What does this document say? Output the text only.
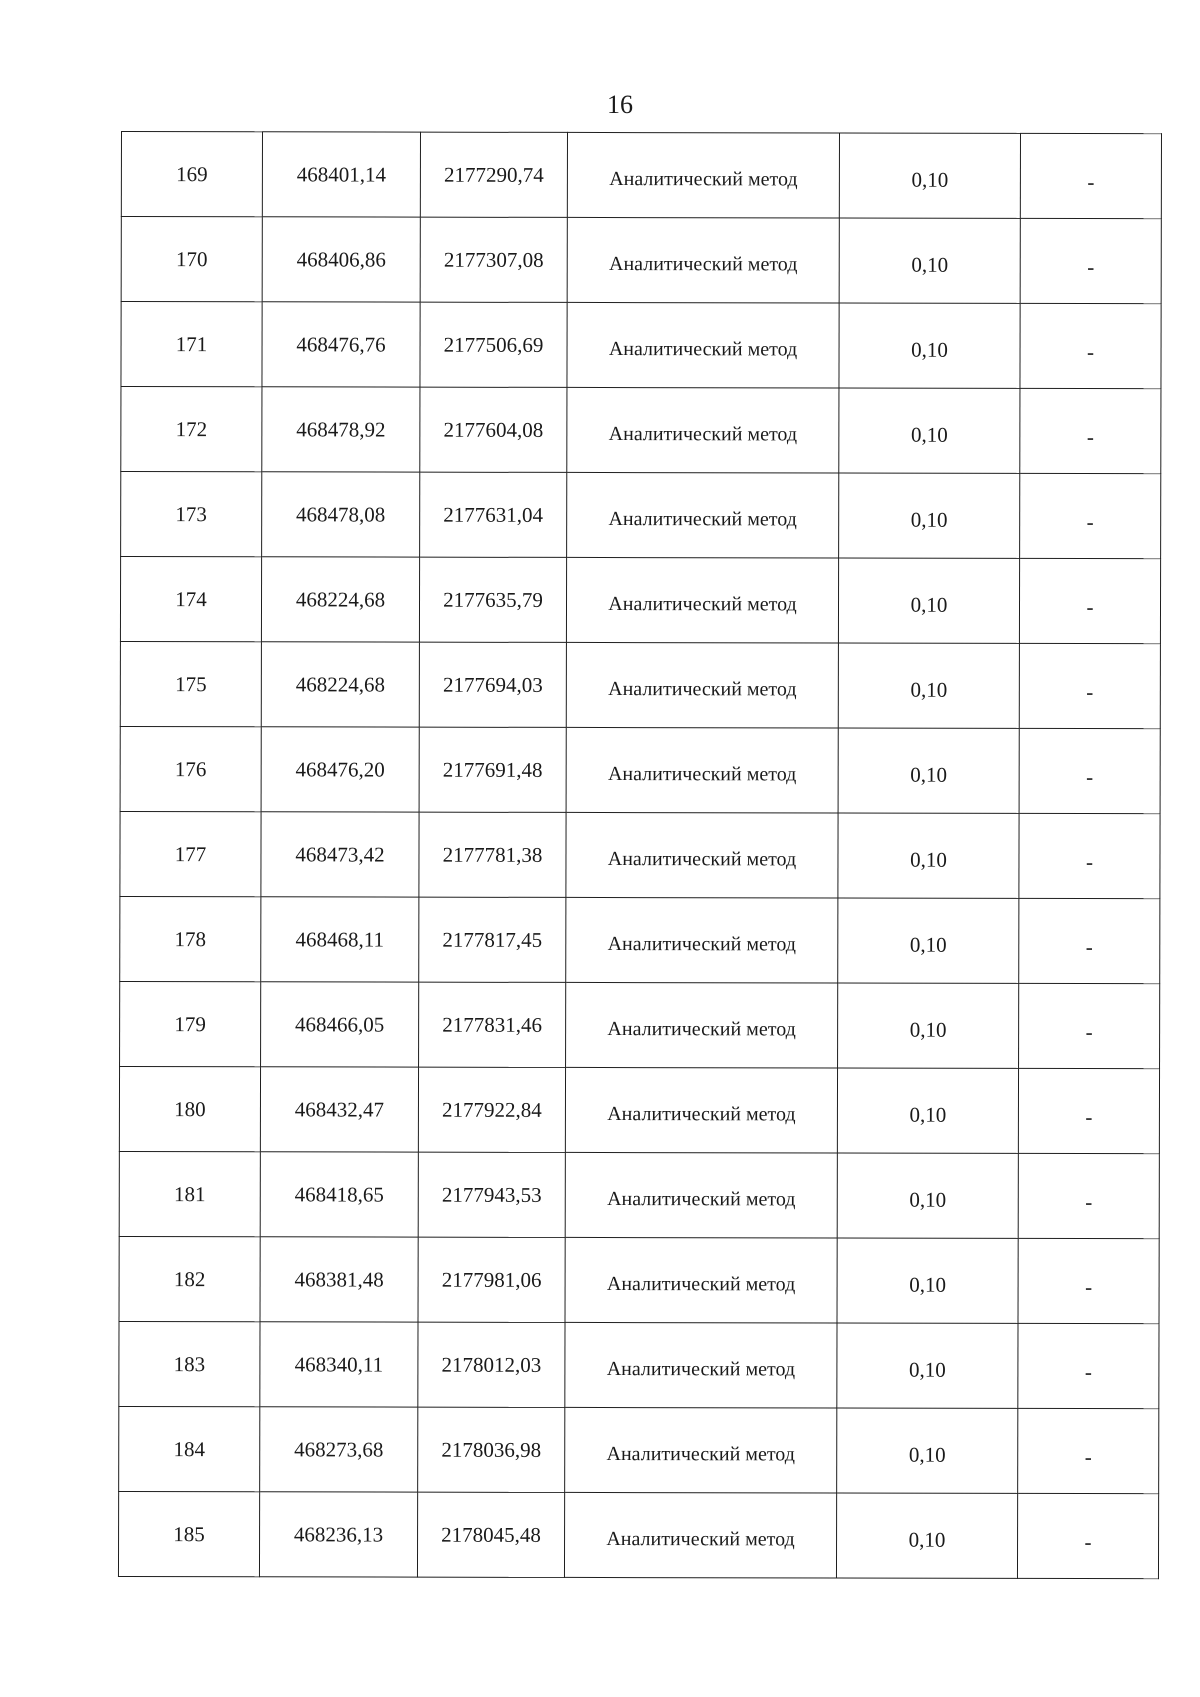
16
169	468401,14	2177290,74	Аналитический метод	0,10	-
170	468406,86	2177307,08	Аналитический метод	0,10	-
171	468476,76	2177506,69	Аналитический метод	0,10	-
172	468478,92	2177604,08	Аналитический метод	0,10	-
173	468478,08	2177631,04	Аналитический метод	0,10	-
174	468224,68	2177635,79	Аналитический метод	0,10	-
175	468224,68	2177694,03	Аналитический метод	0,10	-
176	468476,20	2177691,48	Аналитический метод	0,10	-
177	468473,42	2177781,38	Аналитический метод	0,10	-
178	468468,11	2177817,45	Аналитический метод	0,10	-
179	468466,05	2177831,46	Аналитический метод	0,10	-
180	468432,47	2177922,84	Аналитический метод	0,10	-
181	468418,65	2177943,53	Аналитический метод	0,10	-
182	468381,48	2177981,06	Аналитический метод	0,10	-
183	468340,11	2178012,03	Аналитический метод	0,10	-
184	468273,68	2178036,98	Аналитический метод	0,10	-
185	468236,13	2178045,48	Аналитический метод	0,10	-
